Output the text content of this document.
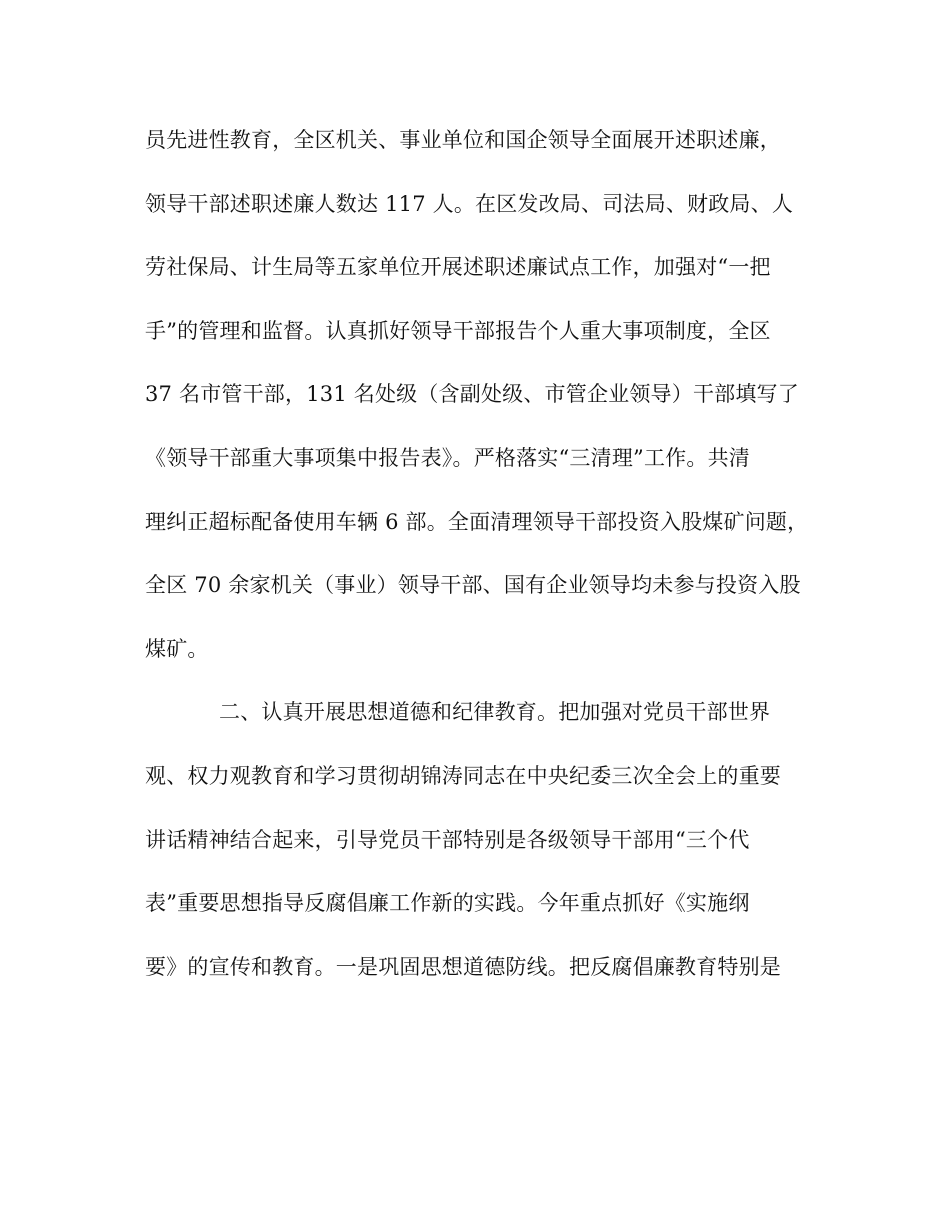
员先进性教育，全区机关、事业单位和国企领导全面展开述职述廉，
领导干部述职述廉人数达 117 人。在区发改局、司法局、财政局、人
劳社保局、计生局等五家单位开展述职述廉试点工作，加强对“一把
手”的管理和监督。认真抓好领导干部报告个人重大事项制度，全区
37 名市管干部，131 名处级（含副处级、市管企业领导）干部填写了
《领导干部重大事项集中报告表》。严格落实“三清理”工作。共清
理纠正超标配备使用车辆 6 部。全面清理领导干部投资入股煤矿问题，
全区 70 余家机关（事业）领导干部、国有企业领导均未参与投资入股
煤矿。
二、认真开展思想道德和纪律教育。把加强对党员干部世界
观、权力观教育和学习贯彻胡锦涛同志在中央纪委三次全会上的重要
讲话精神结合起来，引导党员干部特别是各级领导干部用“三个代
表”重要思想指导反腐倡廉工作新的实践。今年重点抓好《实施纲
要》的宣传和教育。一是巩固思想道德防线。把反腐倡廉教育特别是
